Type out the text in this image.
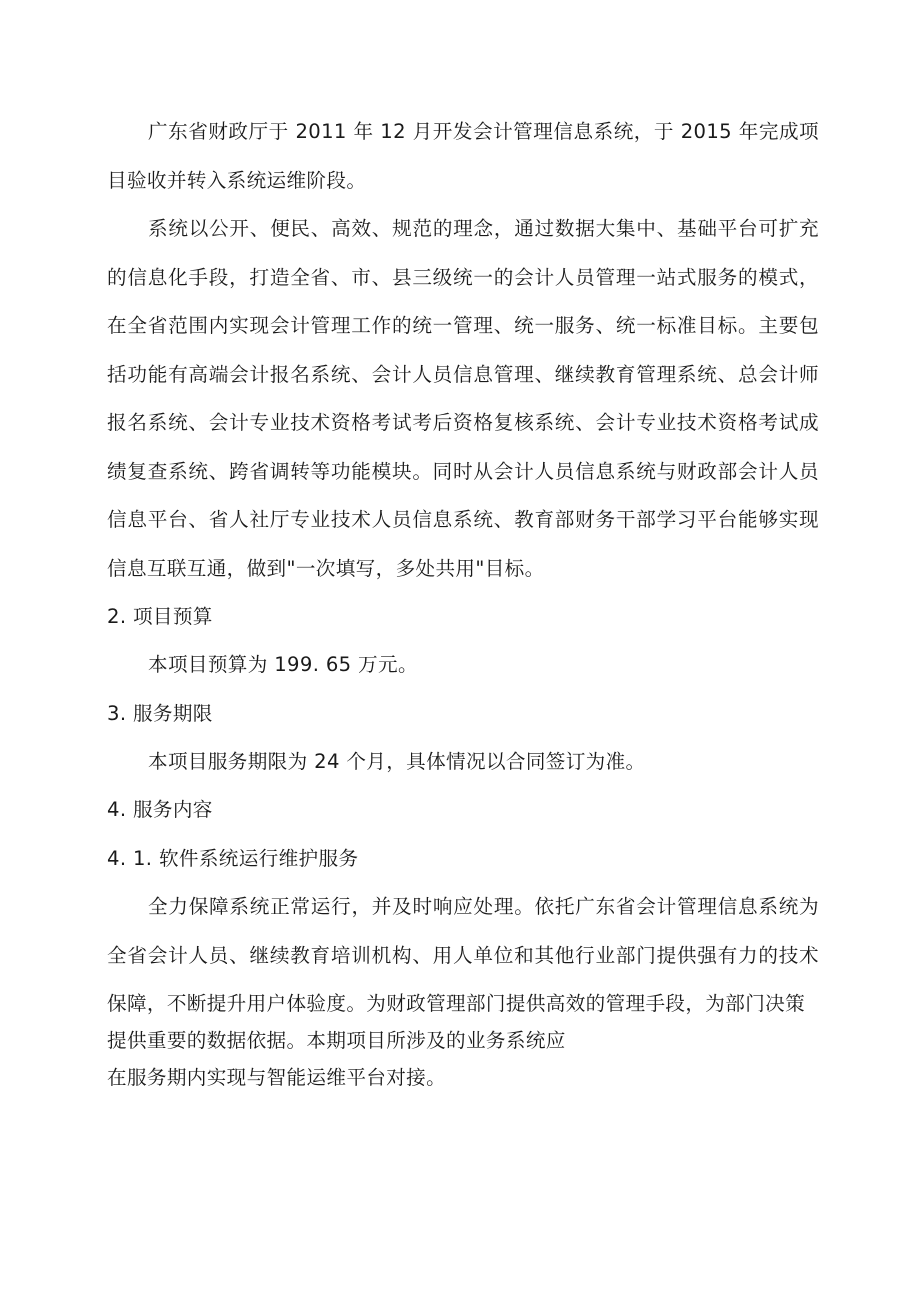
广东省财政厅于 2011 年 12 月开发会计管理信息系统，于 2015 年完成项目验收并转入系统运维阶段。

系统以公开、便民、高效、规范的理念，通过数据大集中、基础平台可扩充的信息化手段，打造全省、市、县三级统一的会计人员管理一站式服务的模式，在全省范围内实现会计管理工作的统一管理、统一服务、统一标准目标。主要包括功能有高端会计报名系统、会计人员信息管理、继续教育管理系统、总会计师报名系统、会计专业技术资格考试考后资格复核系统、会计专业技术资格考试成绩复查系统、跨省调转等功能模块。同时从会计人员信息系统与财政部会计人员信息平台、省人社厅专业技术人员信息系统、教育部财务干部学习平台能够实现信息互联互通，做到"一次填写，多处共用"目标。

2. 项目预算

本项目预算为 199. 65 万元。

3. 服务期限

本项目服务期限为 24 个月，具体情况以合同签订为准。

4. 服务内容

4. 1. 软件系统运行维护服务

全力保障系统正常运行，并及时响应处理。依托广东省会计管理信息系统为全省会计人员、继续教育培训机构、用人单位和其他行业部门提供强有力的技术保障，不断提升用户体验度。为财政管理部门提供高效的管理手段，为部门决策

提供重要的数据依据。本期项目所涉及的业务系统应

在服务期内实现与智能运维平台对接。
